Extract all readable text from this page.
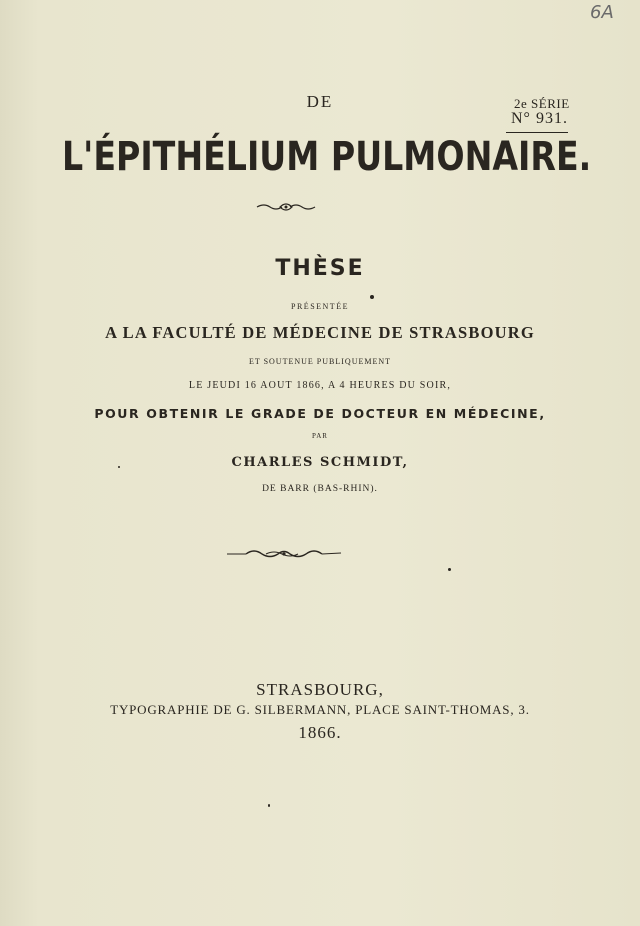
6A
DE	2e SÉRIE
N° 931.
L'ÉPITHÉLIUM PULMONAIRE.
THÈSE
PRÉSENTÉE
A LA FACULTÉ DE MÉDECINE DE STRASBOURG
ET SOUTENUE PUBLIQUEMENT
LE JEUDI 16 AOUT 1866, A 4 HEURES DU SOIR,
POUR OBTENIR LE GRADE DE DOCTEUR EN MÉDECINE,
PAR
CHARLES SCHMIDT,
DE BARR (BAS-RHIN).
STRASBOURG,
TYPOGRAPHIE DE G. SILBERMANN, PLACE SAINT-THOMAS, 3.
1866.
